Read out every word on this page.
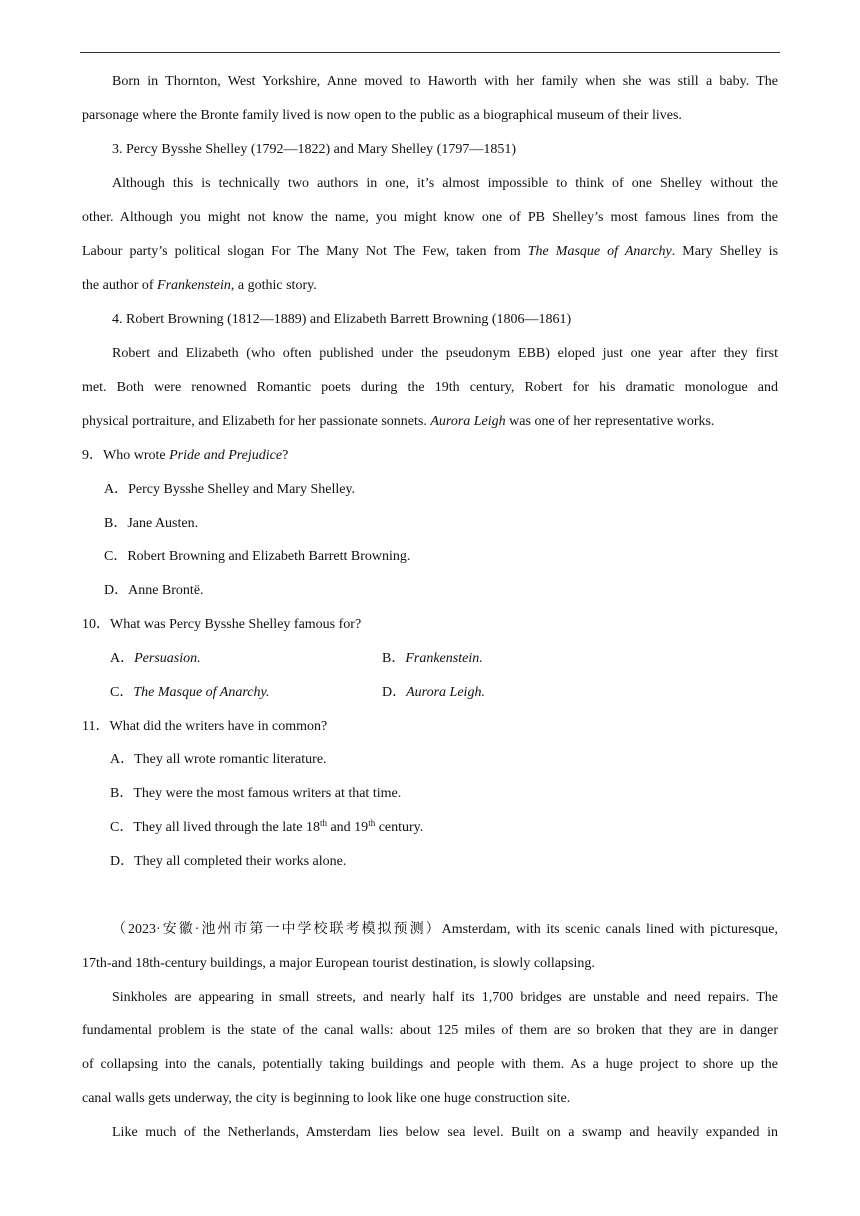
Born in Thornton, West Yorkshire, Anne moved to Haworth with her family when she was still a baby. The
parsonage where the Bronte family lived is now open to the public as a biographical museum of their lives.
3. Percy Bysshe Shelley (1792—1822) and Mary Shelley (1797—1851)
Although this is technically two authors in one, it’s almost impossible to think of one Shelley without the
other. Although you might not know the name, you might know one of PB Shelley’s most famous lines from the
Labour party’s political slogan For The Many Not The Few, taken from The Masque of Anarchy. Mary Shelley is
the author of Frankenstein, a gothic story.
4. Robert Browning (1812—1889) and Elizabeth Barrett Browning (1806—1861)
Robert and Elizabeth (who often published under the pseudonym EBB) eloped just one year after they first
met. Both were renowned Romantic poets during the 19th century, Robert for his dramatic monologue and
physical portraiture, and Elizabeth for her passionate sonnets. Aurora Leigh was one of her representative works.
9．Who wrote Pride and Prejudice?
A．Percy Bysshe Shelley and Mary Shelley.
B．Jane Austen.
C．Robert Browning and Elizabeth Barrett Browning.
D．Anne Brontë.
10．What was Percy Bysshe Shelley famous for?
A．Persuasion.	B．Frankenstein.
C．The Masque of Anarchy.	D．Aurora Leigh.
11．What did the writers have in common?
A．They all wrote romantic literature.
B．They were the most famous writers at that time.
C．They all lived through the late 18th and 19th century.
D．They all completed their works alone.
（2023·安徽·池州市第一中学校联考模拟预测）Amsterdam, with its scenic canals lined with picturesque,
17th-and 18th-century buildings, a major European tourist destination, is slowly collapsing.
Sinkholes are appearing in small streets, and nearly half its 1,700 bridges are unstable and need repairs. The
fundamental problem is the state of the canal walls: about 125 miles of them are so broken that they are in danger
of collapsing into the canals, potentially taking buildings and people with them. As a huge project to shore up the
canal walls gets underway, the city is beginning to look like one huge construction site.
Like much of the Netherlands, Amsterdam lies below sea level. Built on a swamp and heavily expanded in
